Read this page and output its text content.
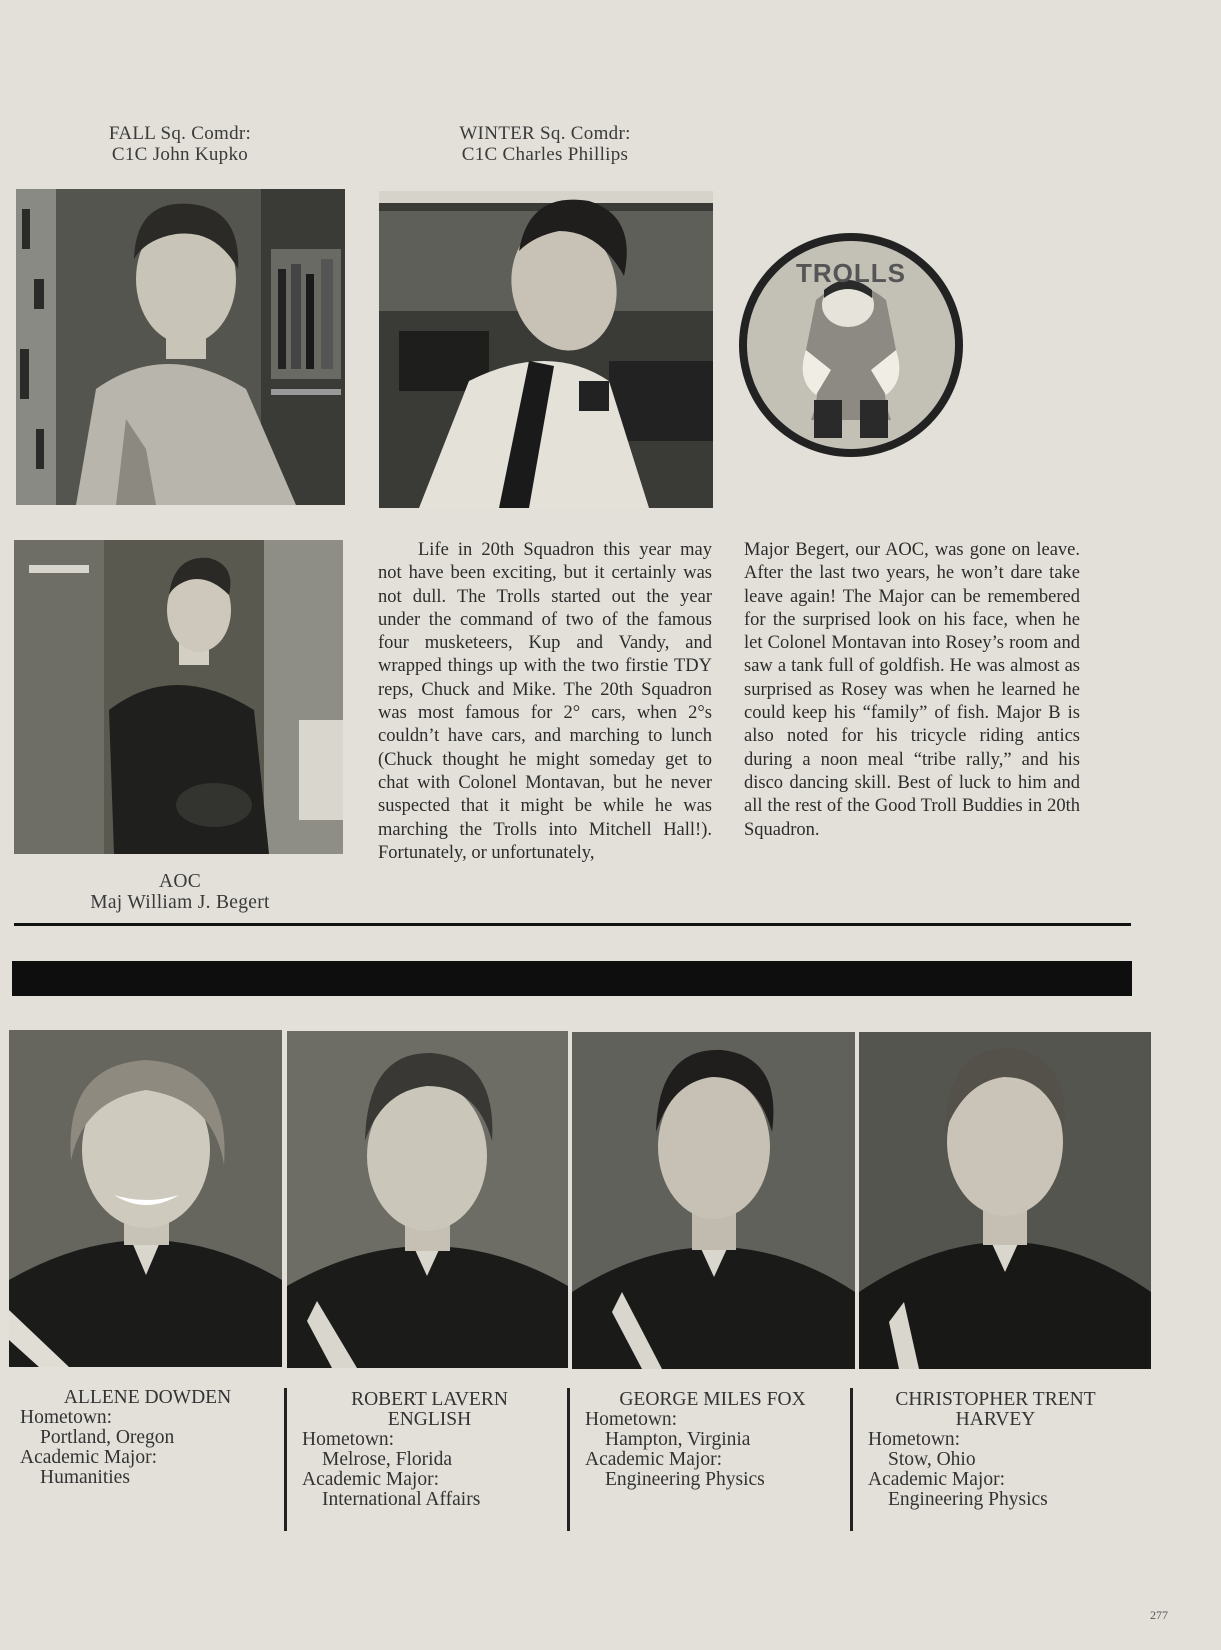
FALL Sq. Comdr:
C1C John Kupko
WINTER Sq. Comdr:
C1C Charles Phillips
TROLLS
AOC
Maj William J. Begert
Life in 20th Squadron this year may not have been exciting, but it certainly was not dull. The Trolls started out the year under the command of two of the famous four musketeers, Kup and Vandy, and wrapped things up with the two firstie TDY reps, Chuck and Mike. The 20th Squadron was most famous for 2° cars, when 2°s couldn’t have cars, and marching to lunch (Chuck thought he might someday get to chat with Colonel Montavan, but he never suspected that it might be while he was marching the Trolls into Mitchell Hall!). Fortunately, or unfortunately,
Major Begert, our AOC, was gone on leave. After the last two years, he won’t dare take leave again! The Major can be remembered for the surprised look on his face, when he let Colonel Montavan into Rosey’s room and saw a tank full of goldfish. He was almost as surprised as Rosey was when he learned he could keep his “family” of fish. Major B is also noted for his tricycle riding antics during a noon meal “tribe rally,” and his disco dancing skill. Best of luck to him and all the rest of the Good Troll Buddies in 20th Squadron.
ALLENE DOWDEN
Hometown:
Portland, Oregon
Academic Major:
Humanities
ROBERT LAVERN ENGLISH
Hometown:
Melrose, Florida
Academic Major:
International Affairs
GEORGE MILES FOX
Hometown:
Hampton, Virginia
Academic Major:
Engineering Physics
CHRISTOPHER TRENT HARVEY
Hometown:
Stow, Ohio
Academic Major:
Engineering Physics
277
